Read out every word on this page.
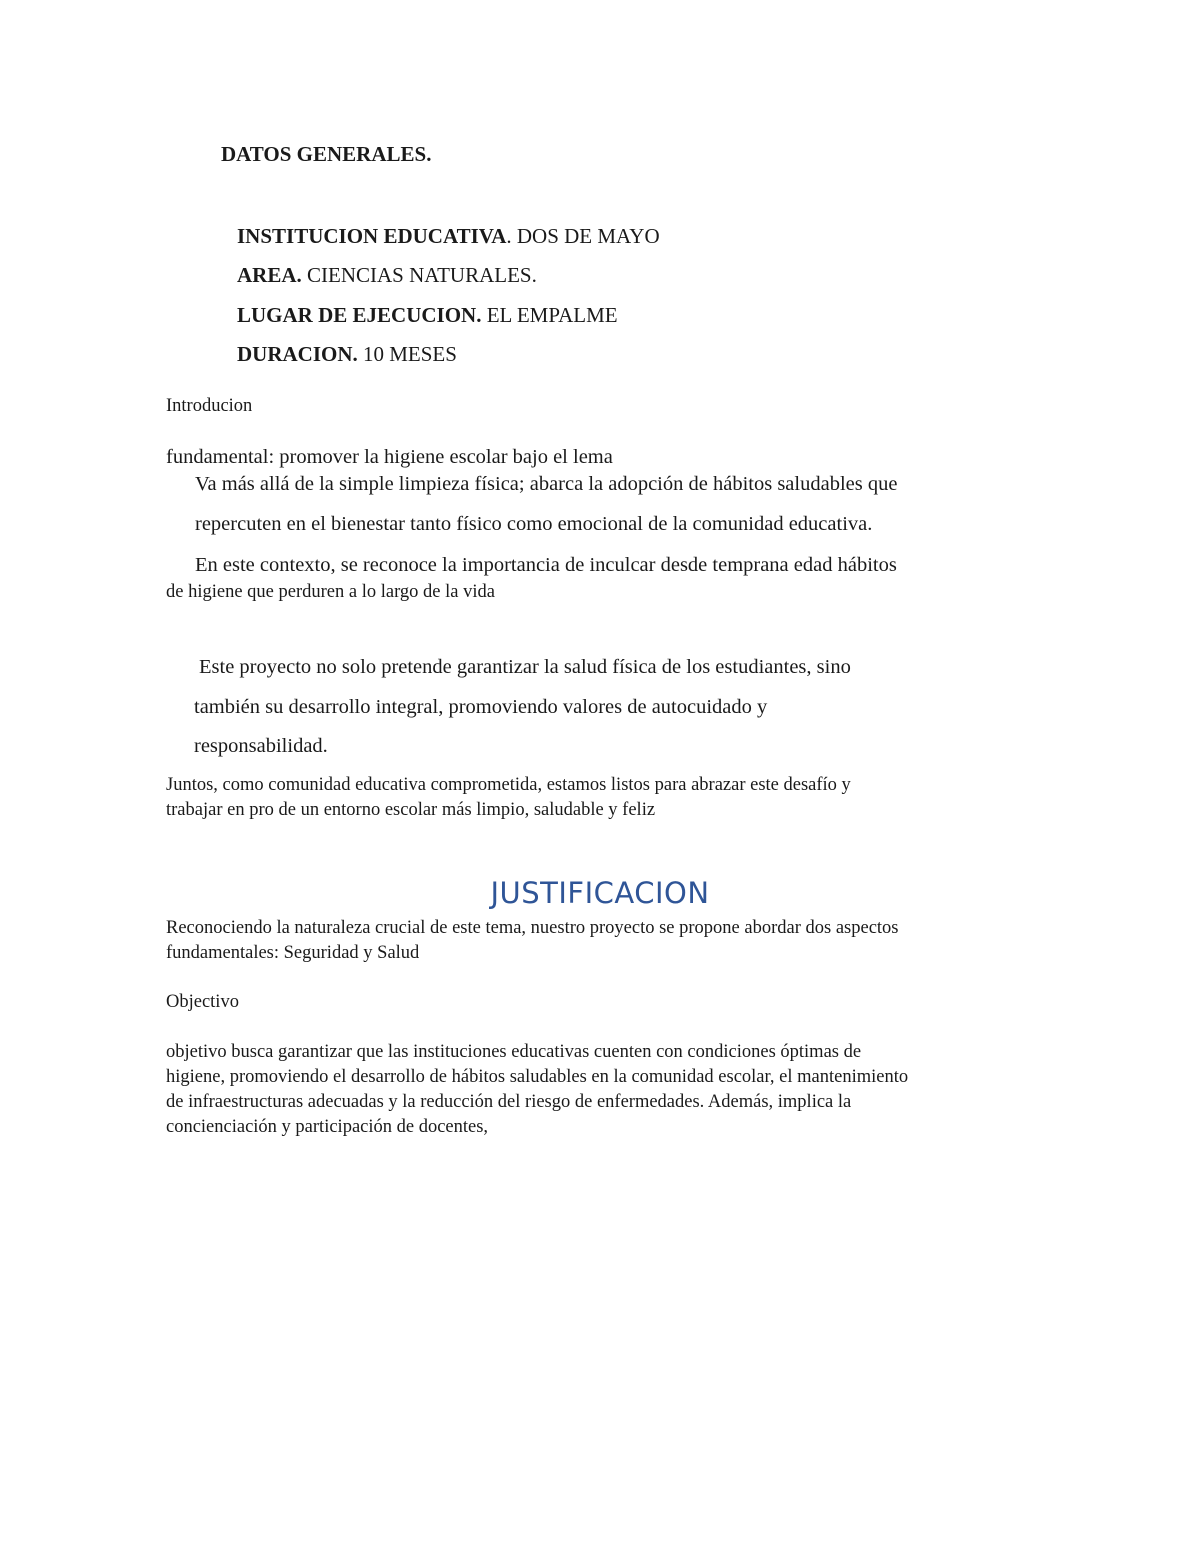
DATOS GENERALES.
INSTITUCION EDUCATIVA. DOS DE MAYO
AREA. CIENCIAS NATURALES.
LUGAR DE EJECUCION. EL EMPALME
DURACION. 10 MESES
Introducion
fundamental: promover la higiene escolar bajo el lema
Va más allá de la simple limpieza física; abarca la adopción de hábitos saludables que
repercuten en el bienestar tanto físico como emocional de la comunidad educativa.
En este contexto, se reconoce la importancia de inculcar desde temprana edad hábitos
de higiene que perduren a lo largo de la vida
Este proyecto no solo pretende garantizar la salud física de los estudiantes, sino
también su desarrollo integral, promoviendo valores de autocuidado y
responsabilidad.
Juntos, como comunidad educativa comprometida, estamos listos para abrazar este desafío y
trabajar en pro de un entorno escolar más limpio, saludable y feliz
JUSTIFICACION
Reconociendo la naturaleza crucial de este tema, nuestro proyecto se propone abordar dos aspectos
fundamentales: Seguridad y Salud
Objectivo
objetivo busca garantizar que las instituciones educativas cuenten con condiciones óptimas de
higiene, promoviendo el desarrollo de hábitos saludables en la comunidad escolar, el mantenimiento
de infraestructuras adecuadas y la reducción del riesgo de enfermedades. Además, implica la
concienciación y participación de docentes,
